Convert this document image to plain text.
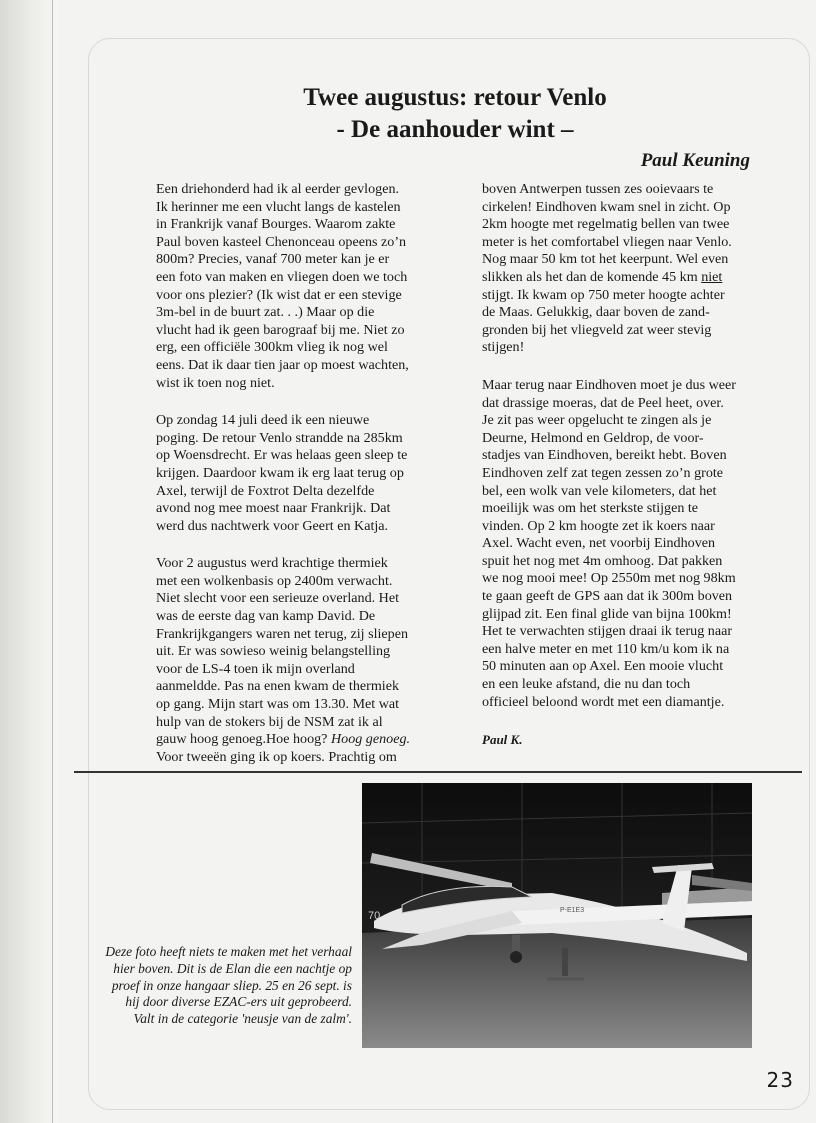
Twee augustus: retour Venlo
- De aanhouder wint –
Paul Keuning

Een driehonderd had ik al eerder gevlogen.
Ik herinner me een vlucht langs de kastelen
in Frankrijk vanaf Bourges. Waarom zakte
Paul boven kasteel Chenonceau opeens zo’n
800m? Precies, vanaf 700 meter kan je er
een foto van maken en vliegen doen we toch
voor ons plezier? (Ik wist dat er een stevige
3m-bel in de buurt zat. . .) Maar op die
vlucht had ik geen barograaf bij me. Niet zo
erg, een officiële 300km vlieg ik nog wel
eens. Dat ik daar tien jaar op moest wachten,
wist ik toen nog niet.

Op zondag 14 juli deed ik een nieuwe
poging. De retour Venlo strandde na 285km
op Woensdrecht. Er was helaas geen sleep te
krijgen. Daardoor kwam ik erg laat terug op
Axel, terwijl de Foxtrot Delta dezelfde
avond nog mee moest naar Frankrijk. Dat
werd dus nachtwerk voor Geert en Katja.

Voor 2 augustus werd krachtige thermiek
met een wolkenbasis op 2400m verwacht.
Niet slecht voor een serieuze overland. Het
was de eerste dag van kamp David. De
Frankrijkgangers waren net terug, zij sliepen
uit. Er was sowieso weinig belangstelling
voor de LS-4 toen ik mijn overland
aanmeldde. Pas na enen kwam de thermiek
op gang. Mijn start was om 13.30. Met wat
hulp van de stokers bij de NSM zat ik al
gauw hoog genoeg.Hoe hoog? Hoog genoeg.
Voor tweeën ging ik op koers. Prachtig om

boven Antwerpen tussen zes ooievaars te
cirkelen! Eindhoven kwam snel in zicht. Op
2km hoogte met regelmatig bellen van twee
meter is het comfortabel vliegen naar Venlo.
Nog maar 50 km tot het keerpunt. Wel even
slikken als het dan de komende 45 km niet
stijgt. Ik kwam op 750 meter hoogte achter
de Maas. Gelukkig, daar boven de zand-
gronden bij het vliegveld zat weer stevig
stijgen!

Maar terug naar Eindhoven moet je dus weer
dat drassige moeras, dat de Peel heet, over.
Je zit pas weer opgelucht te zingen als je
Deurne, Helmond en Geldrop, de voor-
stadjes van Eindhoven, bereikt hebt. Boven
Eindhoven zelf zat tegen zessen zo’n grote
bel, een wolk van vele kilometers, dat het
moeilijk was om het sterkste stijgen te
vinden. Op 2 km hoogte zet ik koers naar
Axel. Wacht even, net voorbij Eindhoven
spuit het nog met 4m omhoog. Dat pakken
we nog mooi mee! Op 2550m met nog 98km
te gaan geeft de GPS aan dat ik 300m boven
glijpad zit. Een final glide van bijna 100km!
Het te verwachten stijgen draai ik terug naar
een halve meter en met 110 km/u kom ik na
50 minuten aan op Axel. Een mooie vlucht
en een leuke afstand, die nu dan toch
officieel beloond wordt met een diamantje.

Paul K.
70	P-E1E3
Deze foto heeft niets te maken met het verhaal
hier boven. Dit is de Elan die een nachtje op
proef in onze hangaar sliep. 25 en 26 sept. is
hij door diverse EZAC-ers uit geprobeerd.
Valt in de categorie 'neusje van de zalm'.
23
